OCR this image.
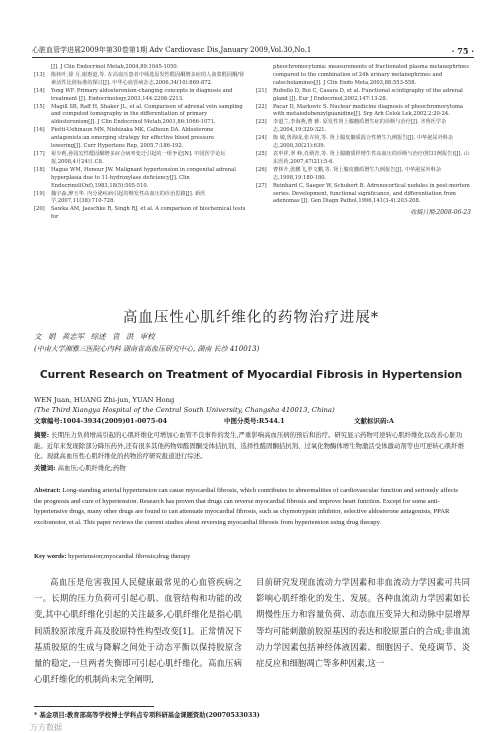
心脏血管学进展2009年第30卷第1期 Adv Cardiovasc Dis,January 2009,Vol.30,No.1	· 75 ·
[J]. J Clin Endocrinol Metab,2004,89:1045-1050.
[13]	陈转叶,徐 月,谢惠道,等. 在高血压患者中筛选原发性醛固酮增多症的人血浆醛固酮/肾素活性比值标准的探讨[J]. 中华心血管病杂志,2006,34(10):869-872.
[14]	Yong WF. Primary aldosteronism-changing concepts in diagnosis and treatment [J]. Endocrinology,2003,144:2208-2213.
[15]	Magill SB, Raff H, Shaker JL, et al. Comparison of adrenal vein sampling and computed tomography in the differentiation of primary aldosteronism[J]. J Clin Endocrinol Metab,2001,86:1066-1071.
[16]	Piotti-Uehinaun MN, Nishizaka MK, Calhoun DA. Aldosterone antagonists:an emerging strategy for effective blood pressure lowering[J]. Curr Hypertens Rep, 2005,7:186-192.
[17]	祝少莉,孙国宏性醛固酮增多症合病率变迁引起的一组争论[N]. 中国医学论坛报,2008,4月24日.C8.
[18]	Hague WM, Honour JW. Malignant hypertension in congenital adrenal hyperplasia due to 11-hydroxylase deficiency[J]. Clin Endocrinol(Oxf),1983,18(5):505-510.
[19]	魏宇淼,廖玉华. 内分泌疾病引起的继发性高血压的诊治思路[J]. 新医学,2007,11(38):710-728.
[20]	Sawka AM, Jaeschke R, Singh RJ, et al. A comparison of biochemical tests for
pheochromocytoma: measurements of fractionated plasma metanephrines compared to the combination of 24h urinary metanephrines and catecholamines[J]. J Clin Endo Meta,2003,88:553-558.
[21]	Rubello D, Bui C, Casara D, et al. Functional scintigraphy of the adrenal gland [J]. Eur J Endocrinol,2002,147:13-28.
[22]	Pacar D, Markovic S. Nuclear medicine diagnosis of pheochromocytoma with metaiodobenzylguanidine[J]. Srp Arh Celok Lek,2002,2:20-24.
[23]	李道兰,李海燕,曹 雅. 原发性肾上腺髓质增生症的诊断与治疗[J]. 齐鲁医学杂志,2004,19:320-321.
[24]	陈 敏,鲁海成,张卉钧,等. 肾上腺皮髓质混合性增生九例报告[J]. 中华泌尿外科杂志,2000,30(21):639.
[25]	袁申祥,翠 峥,肖炳青,等. 肾上腺髓质样增生性高血压的诊断与治疗(附31例报告)[J]. 山东医药,2007,47(21):5-6.
[26]	曹林升,张鹏飞,罗文鹏,等. 肾上腺皮髓质增生九例报告[J]. 中华泌尿外科杂志,1998,19:180-180.
[27]	Reinhard C, Saeger W, Schubert B. Adrenocortical nodules in post-mortem series. Development, functional significance, and differentiation from adenomas [J]. Gen Diagn Pathol,1996,141(3-4):203-208.
收稿日期:2008-06-23
高血压性心肌纤维化的药物治疗进展*
文 娟 黄志军 综述 袁 洪 审校
(中南大学湘雅三医院心内科 湖南省高血压研究中心, 湖南 长沙 410013)
Current Research on Treatment of Myocardial Fibrosis in Hypertension
WEN Juan, HUANG Zhi-jun, YUAN Hong
(The Third Xiangya Hospital of the Central South University, Changsha 410013, China)
文章编号:1004-3934(2009)01-0075-04	中图分类号:R544.1	文献标识码:A
摘要: 长期压力负荷增高引起的心肌纤维化可增加心血管不良事件的发生,严重影响高血压病的预后和治疗。研究显示药物可逆转心肌纤维化以改善心脏功能。近年来发现除部分降压药外,还有很多其他药物如醛固酮受体拮抗剂、选择性醛固酮拮抗剂、过氧化物酶体增生物激活受体激动剂等也可逆转心肌纤维化。现就高血压性心肌纤维化的药物治疗研究报道进行综述。
关键词: 高血压;心肌纤维化;药物
Abstract: Long-standing arterial hypertension can cause myocardial fibrosis, which contributes to abnormalities of cardiovascular function and seriously affects the prognosis and cure of hypertension. Research has proven that drugs can reverse myocardial fibrosis and improve heart function. Except for some anti-hypertensive drugs, many other drugs are found to can attenuate myocardial fibrosis, such as chymotrypsin inhibitor, selective aldosterone antagonists, PPAR excitomotor, et al. This paper reviews the current studies about reversing myocardial fibrosis from hypertension using drug therapy.
Key words: hypertension;myocardial fibrosis;drug therapy
高血压是危害我国人民健康最常见的心血管疾病之一。长期的压力负荷可引起心肌、血管结构和功能的改变,其中心肌纤维化引起的关注最多,心肌纤维化是指心肌间质胶原浓度升高及胶原特性构型改变[1]。正常情况下基质胶原的生成与降解之间处于动态平衡以保持胶原含量的稳定,一旦两者失衡即可引起心肌纤维化。高血压病心肌纤维化的机制尚未完全阐明,
目前研究发现血流动力学因素和非血流动力学因素可共同影响心肌纤维化的发生、发展。各种血流动力学因素如长期慢性压力和容量负荷、动态血压变异大和动脉中层增厚等均可能刺激前胶原基因的表达和胶原蛋白的合成;非血流动力学因素包括神经体液因素、细胞因子、免疫调节、炎症反应和细胞凋亡等多种因素,这一
* 基金项目:教育部高等学校博士学科点专项科研基金课题资助(20070533033)
万方数据
